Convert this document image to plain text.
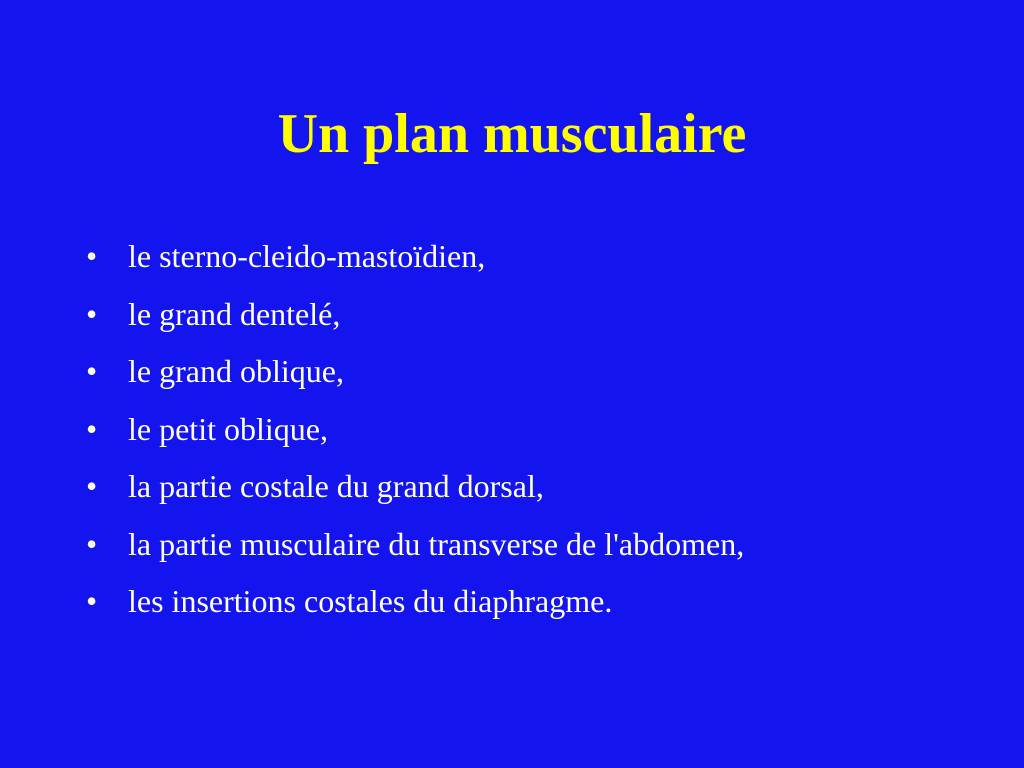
Un plan musculaire
• le sterno-cleido-mastoïdien,
• le grand dentelé,
• le grand oblique,
• le petit oblique,
• la partie costale du grand dorsal,
• la partie musculaire du transverse de l'abdomen,
• les insertions costales du diaphragme.
